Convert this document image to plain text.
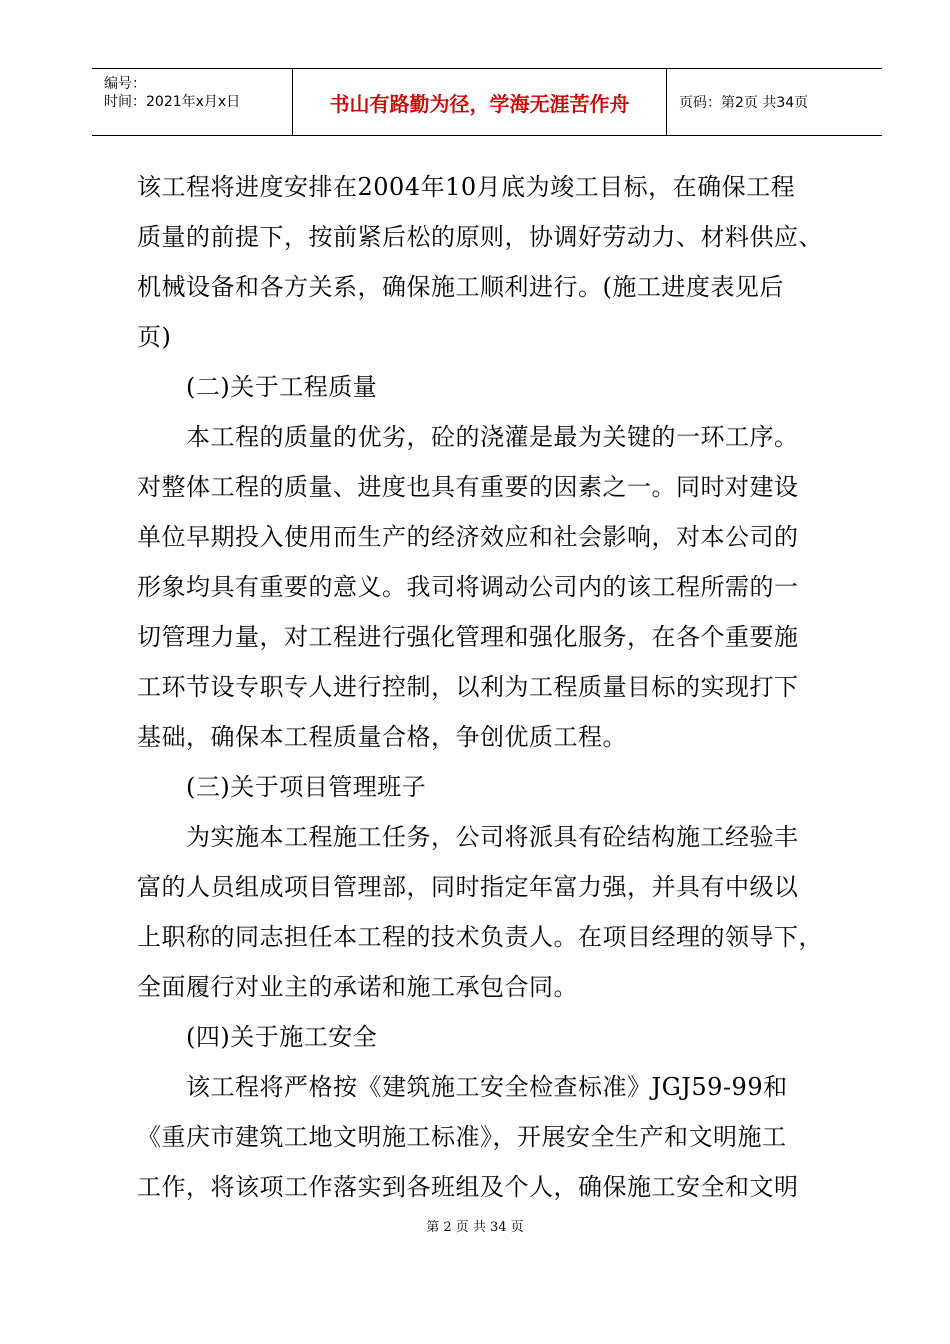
编号：
时间：2021年x月x日	书山有路勤为径，学海无涯苦作舟	页码：第2页 共34页
该工程将进度安排在2004年10月底为竣工目标，在确保工程
质量的前提下，按前紧后松的原则，协调好劳动力、材料供应、
机械设备和各方关系，确保施工顺利进行。(施工进度表见后
页)
(二)关于工程质量
本工程的质量的优劣，砼的浇灌是最为关键的一环工序。
对整体工程的质量、进度也具有重要的因素之一。同时对建设
单位早期投入使用而生产的经济效应和社会影响，对本公司的
形象均具有重要的意义。我司将调动公司内的该工程所需的一
切管理力量，对工程进行强化管理和强化服务，在各个重要施
工环节设专职专人进行控制，以利为工程质量目标的实现打下
基础，确保本工程质量合格，争创优质工程。
(三)关于项目管理班子
为实施本工程施工任务，公司将派具有砼结构施工经验丰
富的人员组成项目管理部，同时指定年富力强，并具有中级以
上职称的同志担任本工程的技术负责人。在项目经理的领导下，
全面履行对业主的承诺和施工承包合同。
(四)关于施工安全
该工程将严格按《建筑施工安全检查标准》JGJ59-99和
《重庆市建筑工地文明施工标准》，开展安全生产和文明施工
工作，将该项工作落实到各班组及个人，确保施工安全和文明
第 2 页 共 34 页
